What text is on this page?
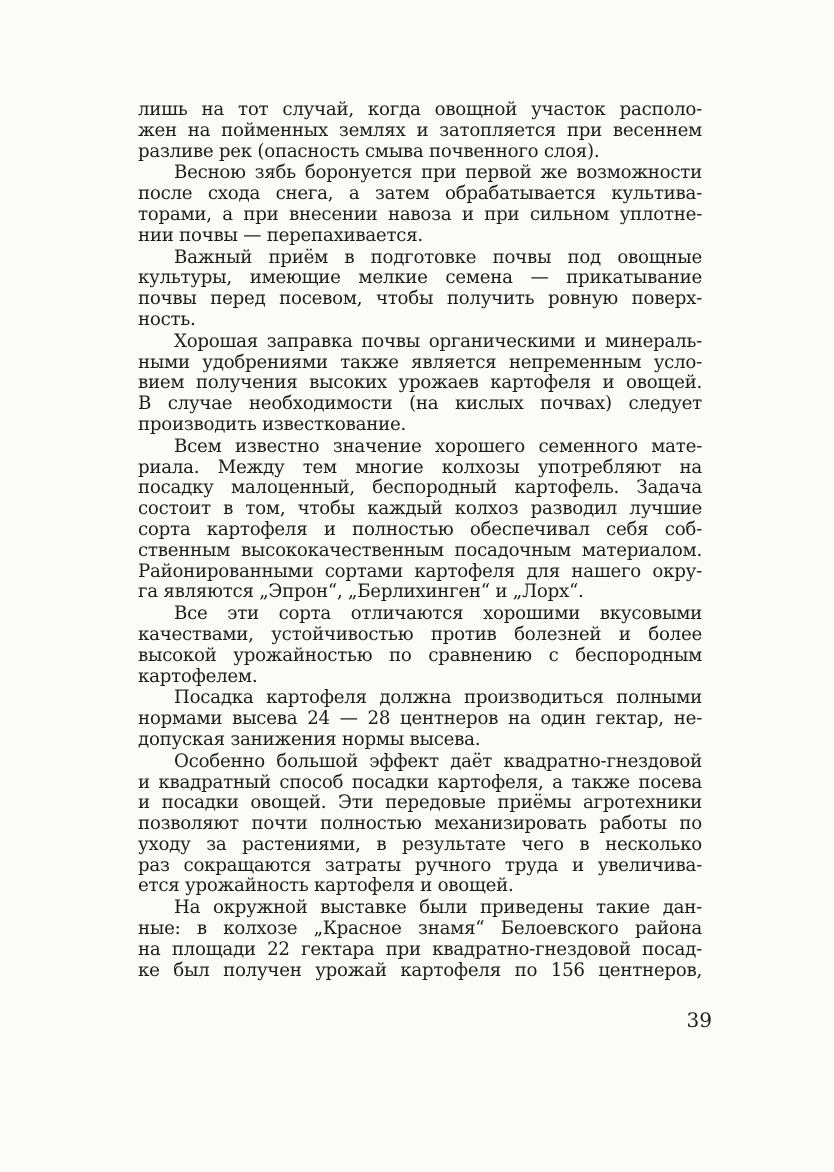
лишь на тот случай, когда овощной участок располо-
жен на пойменных землях и затопляется при весеннем
разливе рек (опасность смыва почвенного слоя).
Весною зябь боронуется при первой же возможности
после схода снега, а затем обрабатывается культива-
торами, а при внесении навоза и при сильном уплотне-
нии почвы — перепахивается.
Важный приём в подготовке почвы под овощные
культуры, имеющие мелкие семена — прикатывание
почвы перед посевом, чтобы получить ровную поверх-
ность.
Хорошая заправка почвы органическими и минераль-
ными удобрениями также является непременным усло-
вием получения высоких урожаев картофеля и овощей.
В случае необходимости (на кислых почвах) следует
производить известкование.
Всем известно значение хорошего семенного мате-
риала. Между тем многие колхозы употребляют на
посадку малоценный, беспородный картофель. Задача
состоит в том, чтобы каждый колхоз разводил лучшие
сорта картофеля и полностью обеспечивал себя соб-
ственным высококачественным посадочным материалом.
Районированными сортами картофеля для нашего окру-
га являются „Эпрон“, „Берлихинген“ и „Лорх“.
Все эти сорта отличаются хорошими вкусовыми
качествами, устойчивостью против болезней и более
высокой урожайностью по сравнению с беспородным
картофелем.
Посадка картофеля должна производиться полными
нормами высева 24 — 28 центнеров на один гектар, не-
допуская занижения нормы высева.
Особенно большой эффект даёт квадратно-гнездовой
и квадратный способ посадки картофеля, а также посева
и посадки овощей. Эти передовые приёмы агротехники
позволяют почти полностью механизировать работы по
уходу за растениями, в результате чего в несколько
раз сокращаются затраты ручного труда и увеличива-
ется урожайность картофеля и овощей.
На окружной выставке были приведены такие дан-
ные: в колхозе „Красное знамя“ Белоевского района
на площади 22 гектара при квадратно-гнездовой посад-
ке был получен урожай картофеля по 156 центнеров,
39
